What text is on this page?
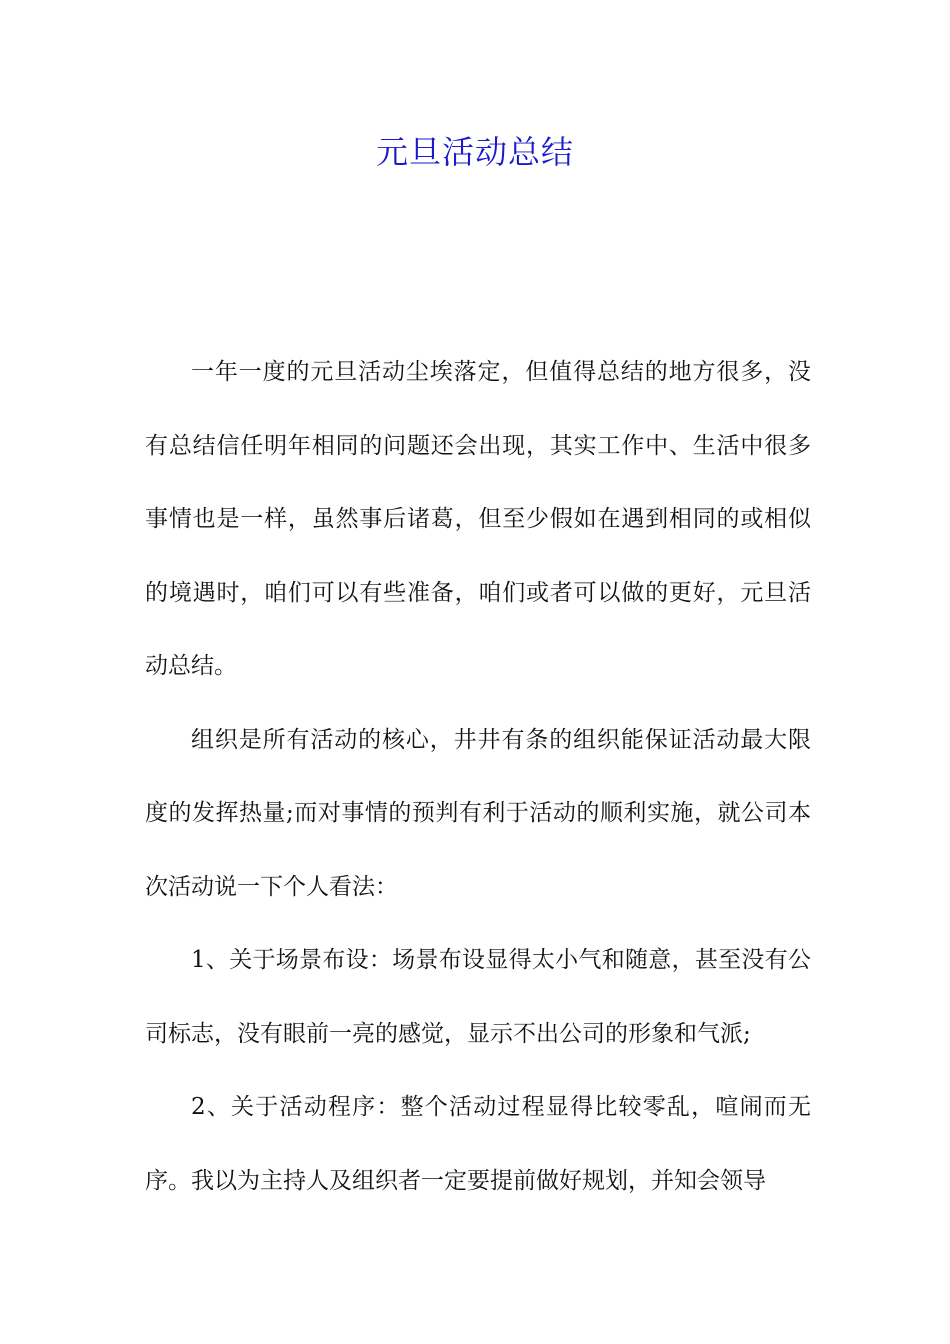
元旦活动总结

一年一度的元旦活动尘埃落定，但值得总结的地方很多，没有总结信任明年相同的问题还会出现，其实工作中、生活中很多事情也是一样，虽然事后诸葛，但至少假如在遇到相同的或相似的境遇时，咱们可以有些准备，咱们或者可以做的更好，元旦活动总结。

组织是所有活动的核心，井井有条的组织能保证活动最大限度的发挥热量;而对事情的预判有利于活动的顺利实施，就公司本次活动说一下个人看法：

1、关于场景布设：场景布设显得太小气和随意，甚至没有公司标志，没有眼前一亮的感觉，显示不出公司的形象和气派;

2、关于活动程序：整个活动过程显得比较零乱，喧闹而无序。我以为主持人及组织者一定要提前做好规划，并知会领导
